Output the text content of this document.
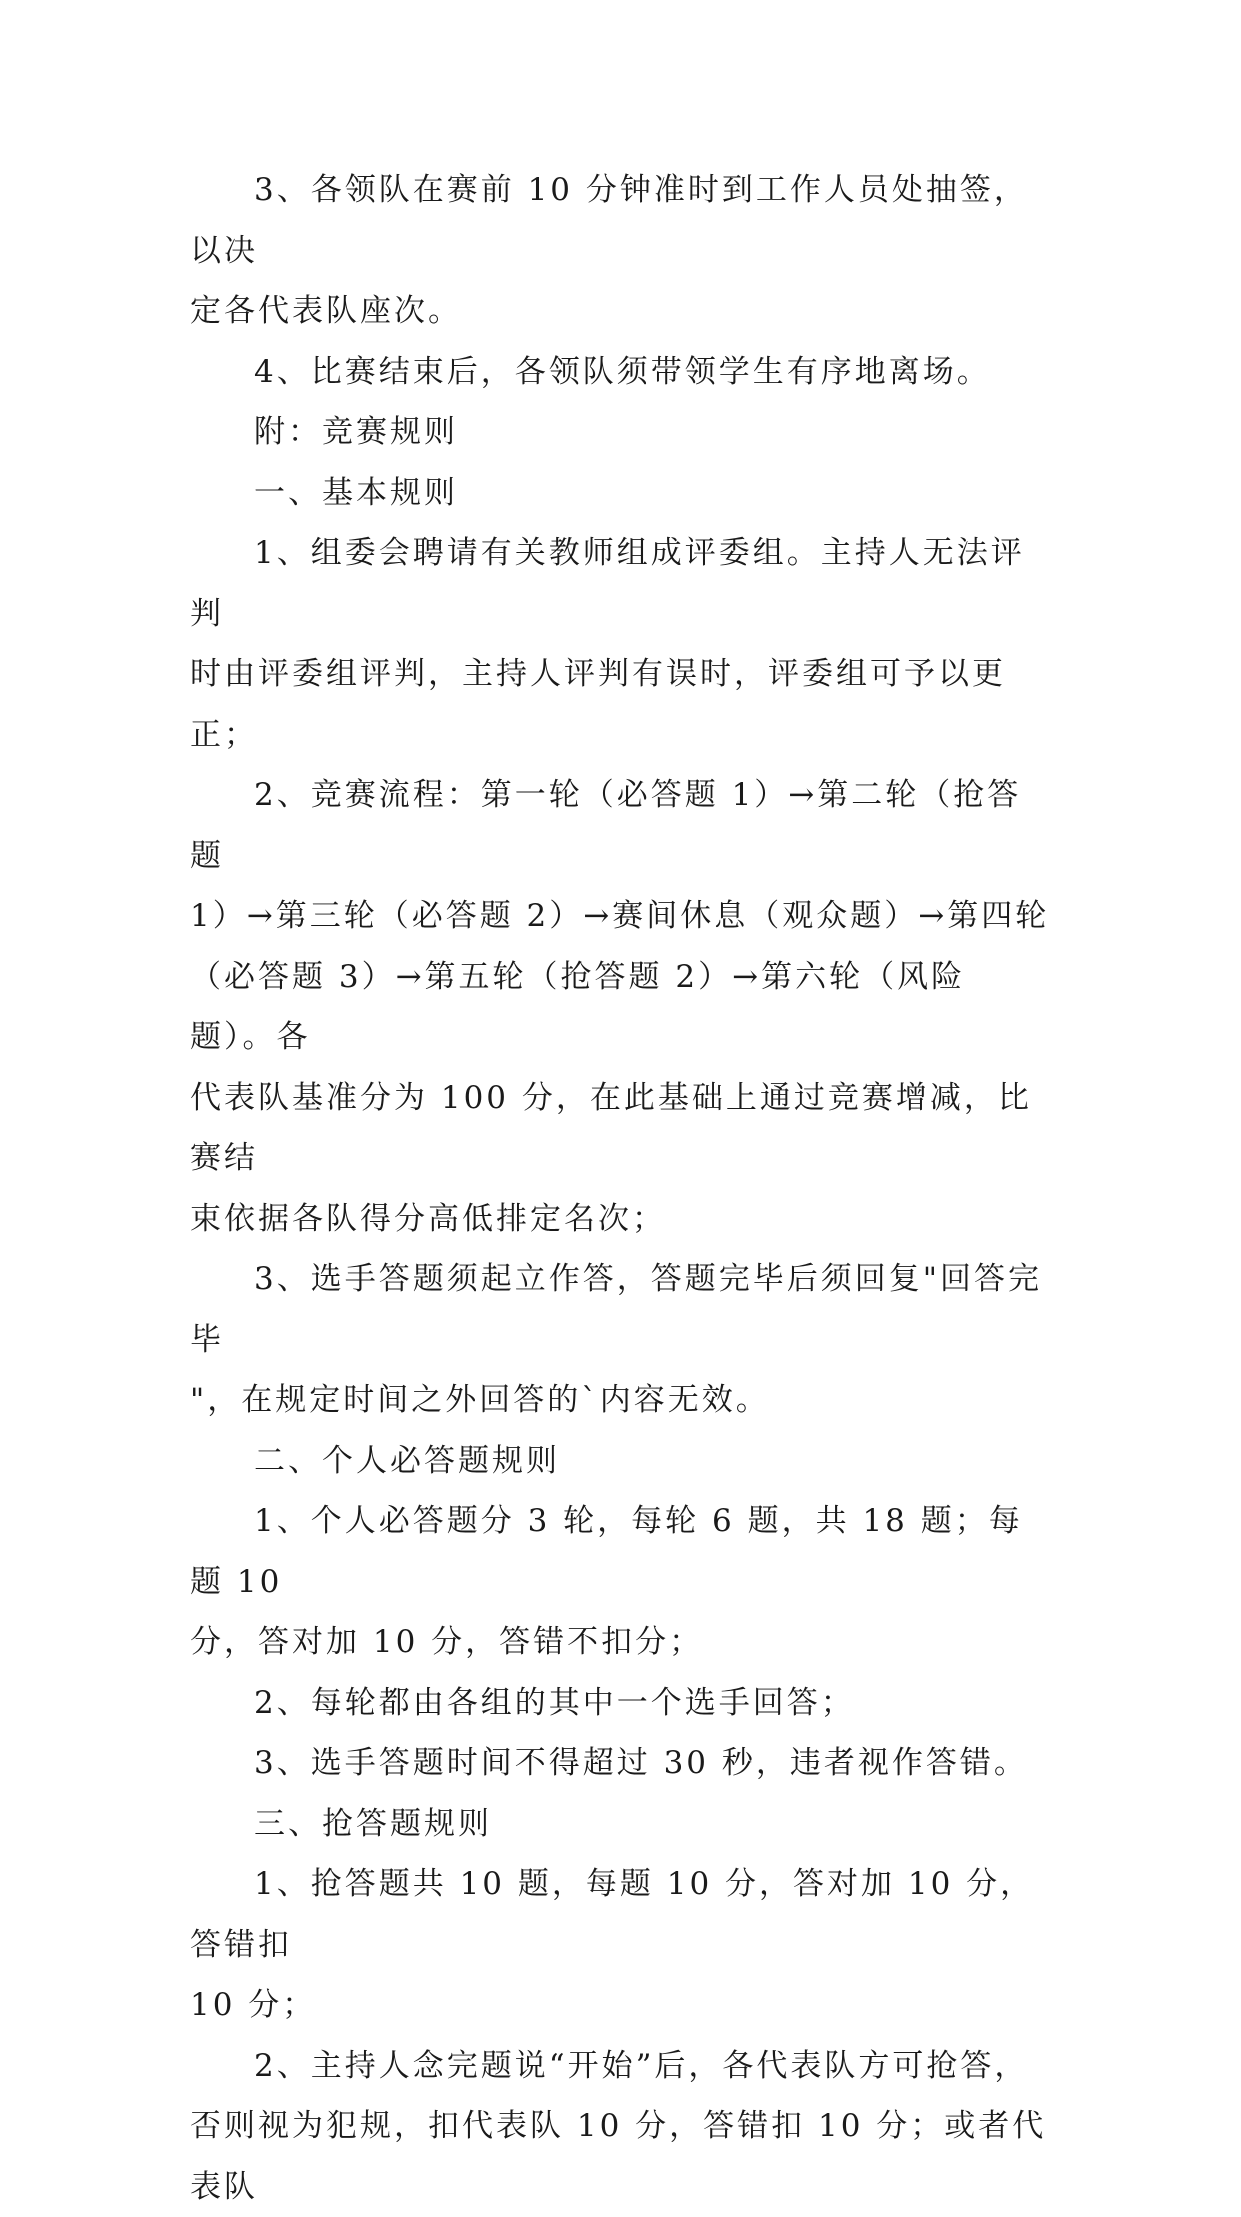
3、各领队在赛前 10 分钟准时到工作人员处抽签，以决
定各代表队座次。
4、比赛结束后，各领队须带领学生有序地离场。
附：竞赛规则
一、基本规则
1、组委会聘请有关教师组成评委组。主持人无法评判
时由评委组评判，主持人评判有误时，评委组可予以更正；
2、竞赛流程：第一轮（必答题 1）→第二轮（抢答题
1）→第三轮（必答题 2）→赛间休息（观众题）→第四轮
（必答题 3）→第五轮（抢答题 2）→第六轮（风险题）。各
代表队基准分为 100 分，在此基础上通过竞赛增减，比赛结
束依据各队得分高低排定名次；
3、选手答题须起立作答，答题完毕后须回复"回答完毕
"，在规定时间之外回答的`内容无效。
二、个人必答题规则
1、个人必答题分 3 轮，每轮 6 题，共 18 题；每题 10
分，答对加 10 分，答错不扣分；
2、每轮都由各组的其中一个选手回答；
3、选手答题时间不得超过 30 秒，违者视作答错。
三、抢答题规则
1、抢答题共 10 题，每题 10 分，答对加 10 分，答错扣
10 分；
2、主持人念完题说“开始”后，各代表队方可抢答，
否则视为犯规，扣代表队 10 分，答错扣 10 分；或者代表队
